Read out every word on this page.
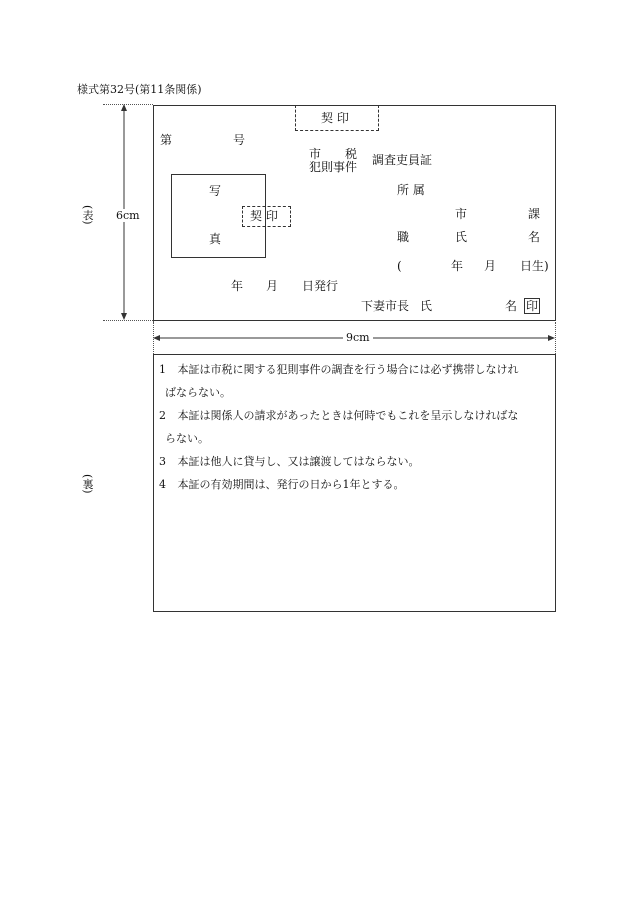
様式第32号(第11条関係)
6cm
(表)
契 印
第	号
市　　税
犯則事件 調査吏員証
写
真
契 印
所 属
市	課
職	氏	名
(	年 月 日生)
年 月 日発行
下妻市長 氏	名 印
9cm
(裏)
1 本証は市税に関する犯則事件の調査を行う場合には必ず携帯しなけれ
ばならない。
2 本証は関係人の請求があったときは何時でもこれを呈示しなければな
らない。
3 本証は他人に貸与し、又は譲渡してはならない。
4 本証の有効期間は、発行の日から1年とする。
